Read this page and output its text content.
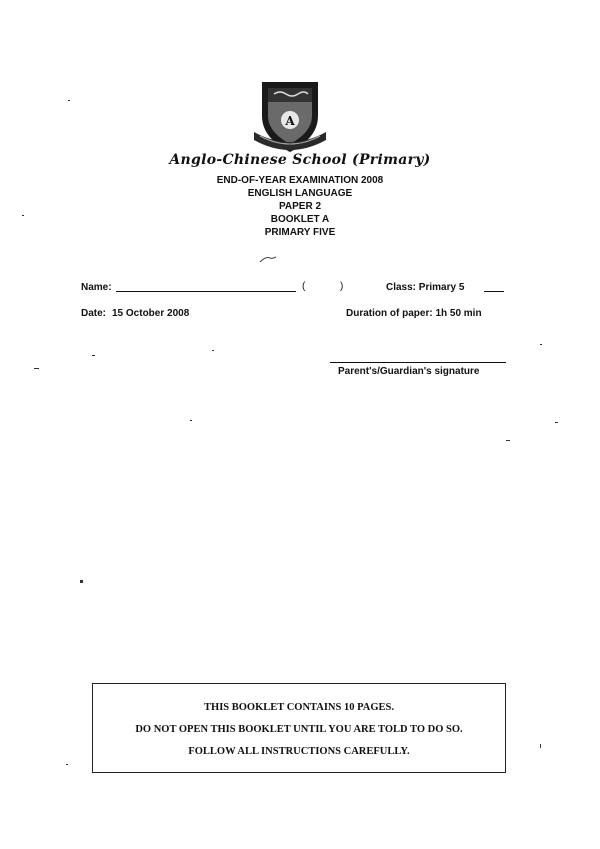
A
Anglo-Chinese School (Primary)
END-OF-YEAR EXAMINATION 2008
ENGLISH LANGUAGE
PAPER 2
BOOKLET A
PRIMARY FIVE
Name:	(	)	Class: Primary 5
Date: 15 October 2008	Duration of paper: 1h 50 min
Parent's/Guardian's signature
THIS BOOKLET CONTAINS 10 PAGES.
DO NOT OPEN THIS BOOKLET UNTIL YOU ARE TOLD TO DO SO.
FOLLOW ALL INSTRUCTIONS CAREFULLY.
